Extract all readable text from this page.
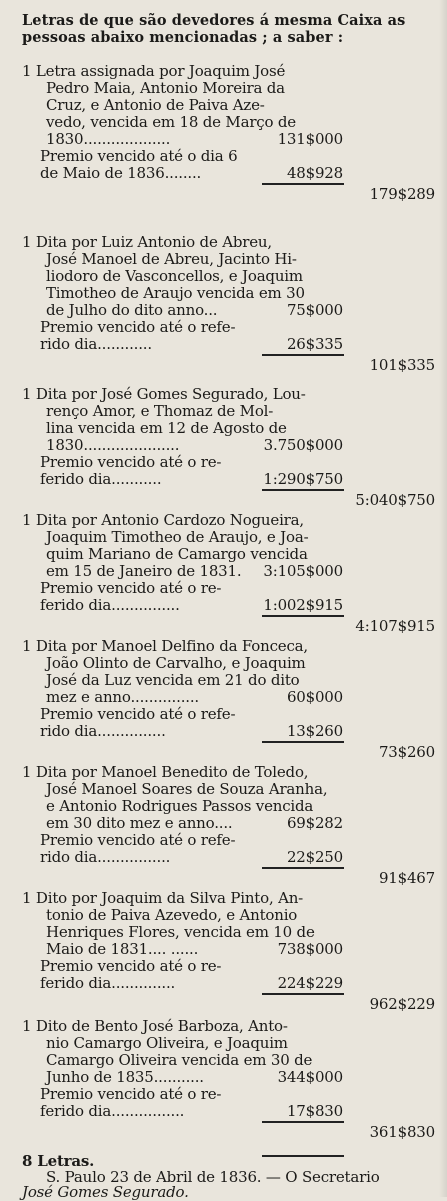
Letras de que são devedores á mesma Caixa as
pessoas abaixo mencionadas ; a saber :
1 Letra assignada por Joaquim José
Pedro Maia, Antonio Moreira da
Cruz, e Antonio de Paiva Aze-
vedo, vencida em 18 de Março de
1830...................	131$000
Premio vencido até o dia 6
de Maio de 1836........	48$928
179$289
1 Dita por Luiz Antonio de Abreu,
José Manoel de Abreu, Jacinto Hi-
liodoro de Vasconcellos, e Joaquim
Timotheo de Araujo vencida em 30
de Julho do dito anno...	75$000
Premio vencido até o refe-
rido dia............	26$335
101$335
1 Dita por José Gomes Segurado, Lou-
renço Amor, e Thomaz de Mol-
lina vencida em 12 de Agosto de
1830.....................	3.750$000
Premio vencido até o re-
ferido dia...........	1:290$750
5:040$750
1 Dita por Antonio Cardozo Nogueira,
Joaquim Timotheo de Araujo, e Joa-
quim Mariano de Camargo vencida
em 15 de Janeiro de 1831. 3:105$000
Premio vencido até o re-
ferido dia...............	1:002$915
4:107$915
1 Dita por Manoel Delfino da Fonceca,
João Olinto de Carvalho, e Joaquim
José da Luz vencida em 21 do dito
mez e anno...............	60$000
Premio vencido até o refe-
rido dia...............	13$260
73$260
1 Dita por Manoel Benedito de Toledo,
José Manoel Soares de Souza Aranha,
e Antonio Rodrigues Passos vencida
em 30 dito mez e anno....	69$282
Premio vencido até o refe-
rido dia................	22$250
91$467
1 Dito por Joaquim da Silva Pinto, An-
tonio de Paiva Azevedo, e Antonio
Henriques Flores, vencida em 10 de
Maio de 1831.... ......	738$000
Premio vencido até o re-
ferido dia..............	224$229
962$229
1 Dito de Bento José Barboza, Anto-
nio Camargo Oliveira, e Joaquim
Camargo Oliveira vencida em 30 de
Junho de 1835...........	344$000
Premio vencido até o re-
ferido dia................	17$830
361$830
8 Letras.
S. Paulo 23 de Abril de 1836. — O Secretario
José Gomes Segurado.
